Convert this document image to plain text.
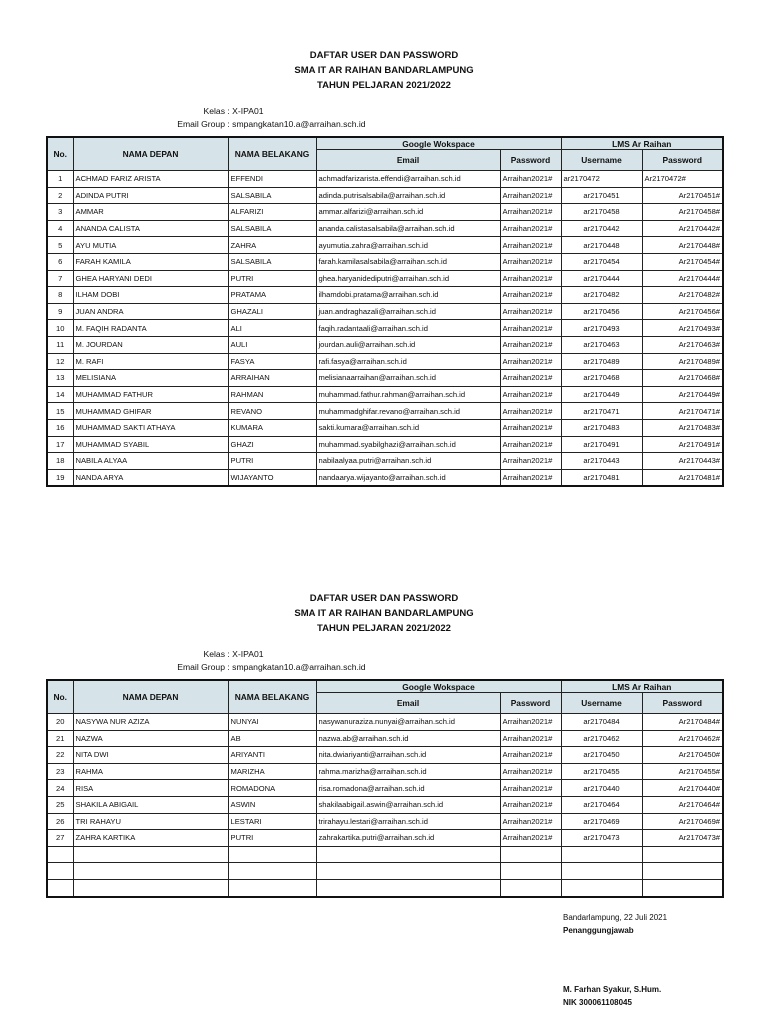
DAFTAR USER DAN PASSWORD
SMA IT AR RAIHAN BANDARLAMPUNG
TAHUN PELJARAN 2021/2022
Kelas : X-IPA01
Email Group : smpangkatan10.a@arraihan.sch.id
No.	NAMA DEPAN	NAMA BELAKANG	Google Wokspace		LMS Ar Raihan	
			Email	Password	Username	Password
1	ACHMAD FARIZ ARISTA	EFFENDI	achmadfarizarista.effendi@arraihan.sch.id	Arraihan2021#	ar2170472	Ar2170472#
2	ADINDA PUTRI	SALSABILA	adinda.putrisalsabila@arraihan.sch.id	Arraihan2021#	ar2170451	Ar2170451#
3	AMMAR	ALFARIZI	ammar.alfarizi@arraihan.sch.id	Arraihan2021#	ar2170458	Ar2170458#
4	ANANDA CALISTA	SALSABILA	ananda.calistasalsabila@arraihan.sch.id	Arraihan2021#	ar2170442	Ar2170442#
5	AYU MUTIA	ZAHRA	ayumutia.zahra@arraihan.sch.id	Arraihan2021#	ar2170448	Ar2170448#
6	FARAH KAMILA	SALSABILA	farah.kamilasalsabila@arraihan.sch.id	Arraihan2021#	ar2170454	Ar2170454#
7	GHEA HARYANI DEDI	PUTRI	ghea.haryanidediputri@arraihan.sch.id	Arraihan2021#	ar2170444	Ar2170444#
8	ILHAM DOBI	PRATAMA	ilhamdobi.pratama@arraihan.sch.id	Arraihan2021#	ar2170482	Ar2170482#
9	JUAN ANDRA	GHAZALI	juan.andraghazali@arraihan.sch.id	Arraihan2021#	ar2170456	Ar2170456#
10	M. FAQIH RADANTA	ALI	faqih.radantaali@arraihan.sch.id	Arraihan2021#	ar2170493	Ar2170493#
11	M. JOURDAN	AULI	jourdan.auli@arraihan.sch.id	Arraihan2021#	ar2170463	Ar2170463#
12	M. RAFI	FASYA	rafi.fasya@arraihan.sch.id	Arraihan2021#	ar2170489	Ar2170489#
13	MELISIANA	ARRAIHAN	melisianaarraihan@arraihan.sch.id	Arraihan2021#	ar2170468	Ar2170468#
14	MUHAMMAD FATHUR	RAHMAN	muhammad.fathur.rahman@arraihan.sch.id	Arraihan2021#	ar2170449	Ar2170449#
15	MUHAMMAD GHIFAR	REVANO	muhammadghifar.revano@arraihan.sch.id	Arraihan2021#	ar2170471	Ar2170471#
16	MUHAMMAD SAKTI ATHAYA	KUMARA	sakti.kumara@arraihan.sch.id	Arraihan2021#	ar2170483	Ar2170483#
17	MUHAMMAD SYABIL	GHAZI	muhammad.syabilghazi@arraihan.sch.id	Arraihan2021#	ar2170491	Ar2170491#
18	NABILA ALYAA	PUTRI	nabilaalyaa.putri@arraihan.sch.id	Arraihan2021#	ar2170443	Ar2170443#
19	NANDA ARYA	WIJAYANTO	nandaarya.wijayanto@arraihan.sch.id	Arraihan2021#	ar2170481	Ar2170481#
DAFTAR USER DAN PASSWORD
SMA IT AR RAIHAN BANDARLAMPUNG
TAHUN PELJARAN 2021/2022
Kelas : X-IPA01
Email Group : smpangkatan10.a@arraihan.sch.id
No.	NAMA DEPAN	NAMA BELAKANG	Google Wokspace		LMS Ar Raihan	
			Email	Password	Username	Password
20	NASYWA NUR AZIZA	NUNYAI	nasywanuraziza.nunyai@arraihan.sch.id	Arraihan2021#	ar2170484	Ar2170484#
21	NAZWA	AB	nazwa.ab@arraihan.sch.id	Arraihan2021#	ar2170462	Ar2170462#
22	NITA DWI	ARIYANTI	nita.dwiariyanti@arraihan.sch.id	Arraihan2021#	ar2170450	Ar2170450#
23	RAHMA	MARIZHA	rahma.marizha@arraihan.sch.id	Arraihan2021#	ar2170455	Ar2170455#
24	RISA	ROMADONA	risa.romadona@arraihan.sch.id	Arraihan2021#	ar2170440	Ar2170440#
25	SHAKILA ABIGAIL	ASWIN	shakilaabigail.aswin@arraihan.sch.id	Arraihan2021#	ar2170464	Ar2170464#
26	TRI RAHAYU	LESTARI	trirahayu.lestari@arraihan.sch.id	Arraihan2021#	ar2170469	Ar2170469#
27	ZAHRA KARTIKA	PUTRI	zahrakartika.putri@arraihan.sch.id	Arraihan2021#	ar2170473	Ar2170473#

Bandarlampung, 22 Juli 2021
Penanggungjawab
M. Farhan Syakur, S.Hum.
NIK 300061108045
